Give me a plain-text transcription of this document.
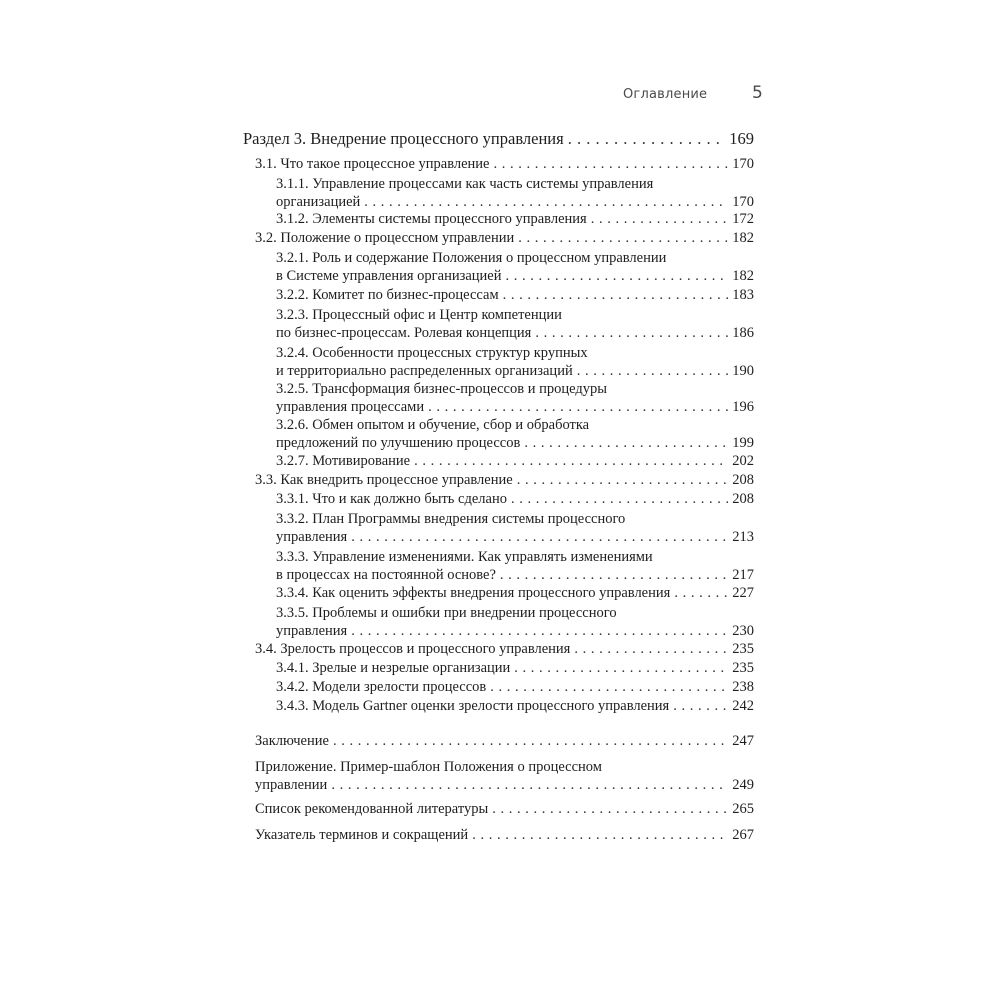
Оглавление	5
Раздел 3. Внедрение процессного управления . . .	169
3.1. Что такое процессное управление . . .	170
3.1.1. Управление процессами как часть системы управления
организацией . . .	170
3.1.2. Элементы системы процессного управления . . .	172
3.2. Положение о процессном управлении . . .	182
3.2.1. Роль и содержание Положения о процессном управлении
в Системе управления организацией . . .	182
3.2.2. Комитет по бизнес-процессам . . .	183
3.2.3. Процессный офис и Центр компетенции
по бизнес-процессам. Ролевая концепция . . .	186
3.2.4. Особенности процессных структур крупных
и территориально распределенных организаций . . .	190
3.2.5. Трансформация бизнес-процессов и процедуры
управления процессами . . .	196
3.2.6. Обмен опытом и обучение, сбор и обработка
предложений по улучшению процессов . . .	199
3.2.7. Мотивирование . . .	202
3.3. Как внедрить процессное управление . . .	208
3.3.1. Что и как должно быть сделано . . .	208
3.3.2. План Программы внедрения системы процессного
управления . . .	213
3.3.3. Управление изменениями. Как управлять изменениями
в процессах на постоянной основе? . . .	217
3.3.4. Как оценить эффекты внедрения процессного управления . . .	227
3.3.5. Проблемы и ошибки при внедрении процессного
управления . . .	230
3.4. Зрелость процессов и процессного управления . . .	235
3.4.1. Зрелые и незрелые организации . . .	235
3.4.2. Модели зрелости процессов . . .	238
3.4.3. Модель Gartner оценки зрелости процессного управления . . .	242
Заключение . . .	247
Приложение. Пример-шаблон Положения о процессном
управлении . . .	249
Список рекомендованной литературы . . .	265
Указатель терминов и сокращений . . .	267
